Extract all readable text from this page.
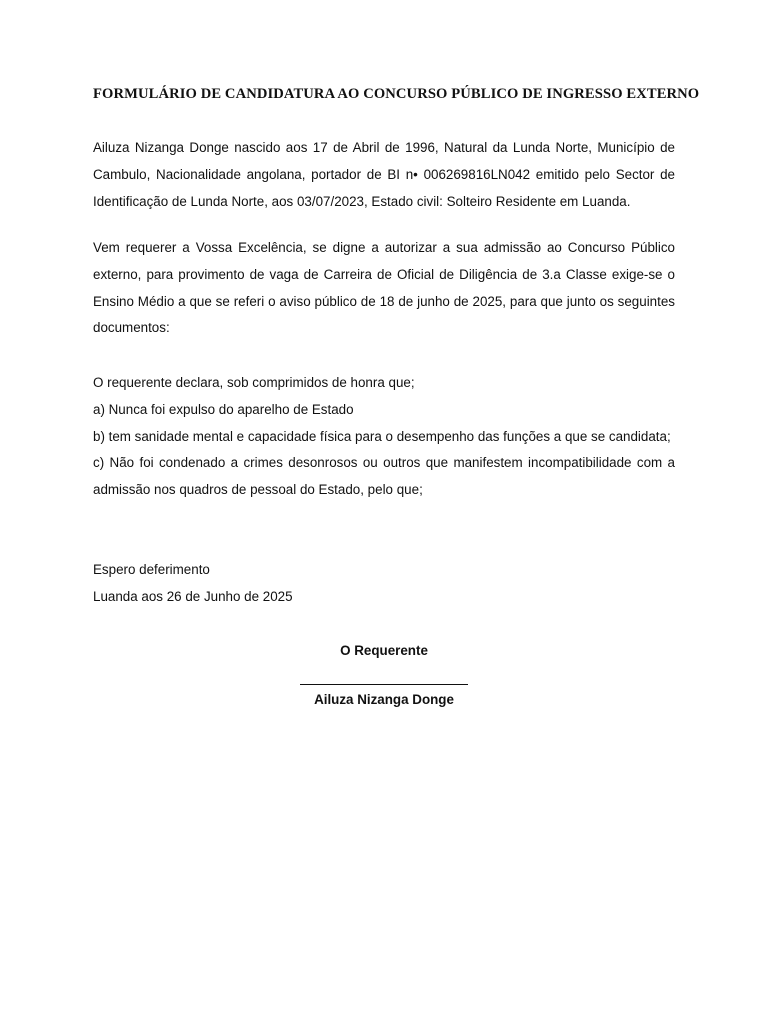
FORMULÁRIO DE CANDIDATURA AO CONCURSO PÚBLICO DE INGRESSO EXTERNO

Ailuza Nizanga Donge nascido aos 17 de Abril de 1996, Natural da Lunda Norte, Município de Cambulo, Nacionalidade angolana, portador de BI n• 006269816LN042 emitido pelo Sector de Identificação de Lunda Norte, aos 03/07/2023, Estado civil: Solteiro Residente em Luanda.

Vem requerer a Vossa Excelência, se digne a autorizar a sua admissão ao Concurso Público externo, para provimento de vaga de Carreira de Oficial de Diligência de 3.a Classe exige-se o Ensino Médio a que se referi o aviso público de 18 de junho de 2025, para que junto os seguintes documentos:

O requerente declara, sob comprimidos de honra que;
a) Nunca foi expulso do aparelho de Estado
b) tem sanidade mental e capacidade física para o desempenho das funções a que se candidata;
c) Não foi condenado a crimes desonrosos ou outros que manifestem incompatibilidade com a admissão nos quadros de pessoal do Estado, pelo que;
Espero deferimento
Luanda aos 26 de Junho de 2025
O Requerente
Ailuza Nizanga Donge
